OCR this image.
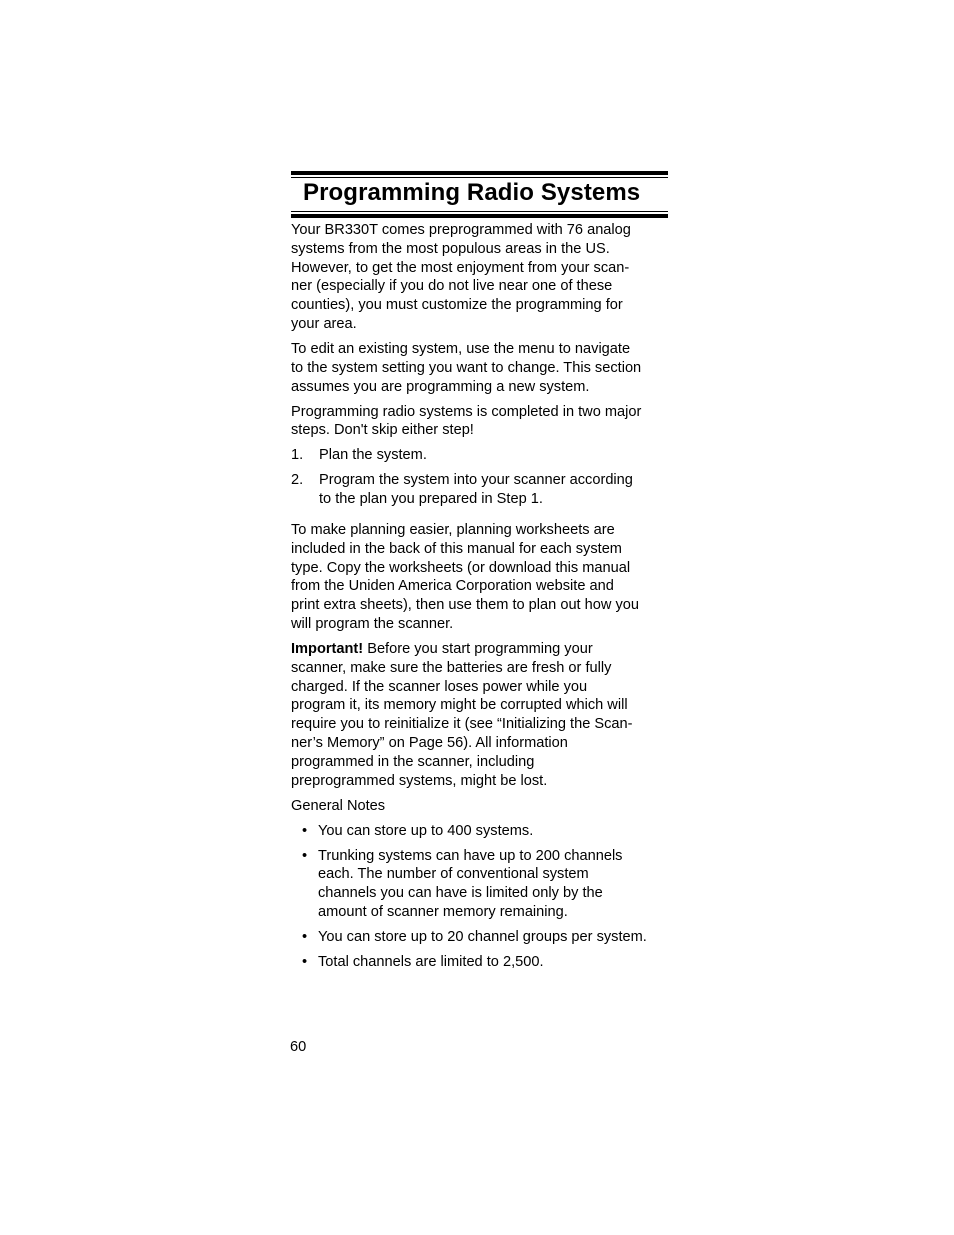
Programming Radio Systems

Your BR330T comes preprogrammed with 76 analog
systems from the most populous areas in the US.
However, to get the most enjoyment from your scan-
ner (especially if you do not live near one of these
counties), you must customize the programming for
your area.

To edit an existing system, use the menu to navigate
to the system setting you want to change. This section
assumes you are programming a new system.

Programming radio systems is completed in two major
steps. Don't skip either step!

1. Plan the system.
2. Program the system into your scanner according
to the plan you prepared in Step 1.

To make planning easier, planning worksheets are
included in the back of this manual for each system
type. Copy the worksheets (or download this manual
from the Uniden America Corporation website and
print extra sheets), then use them to plan out how you
will program the scanner.

Important! Before you start programming your
scanner, make sure the batteries are fresh or fully
charged. If the scanner loses power while you
program it, its memory might be corrupted which will
require you to reinitialize it (see “Initializing the Scan-
ner’s Memory” on Page 56). All information
programmed in the scanner, including
preprogrammed systems, might be lost.

General Notes

• You can store up to 400 systems.
• Trunking systems can have up to 200 channels
each. The number of conventional system
channels you can have is limited only by the
amount of scanner memory remaining.
• You can store up to 20 channel groups per system.
• Total channels are limited to 2,500.
60
